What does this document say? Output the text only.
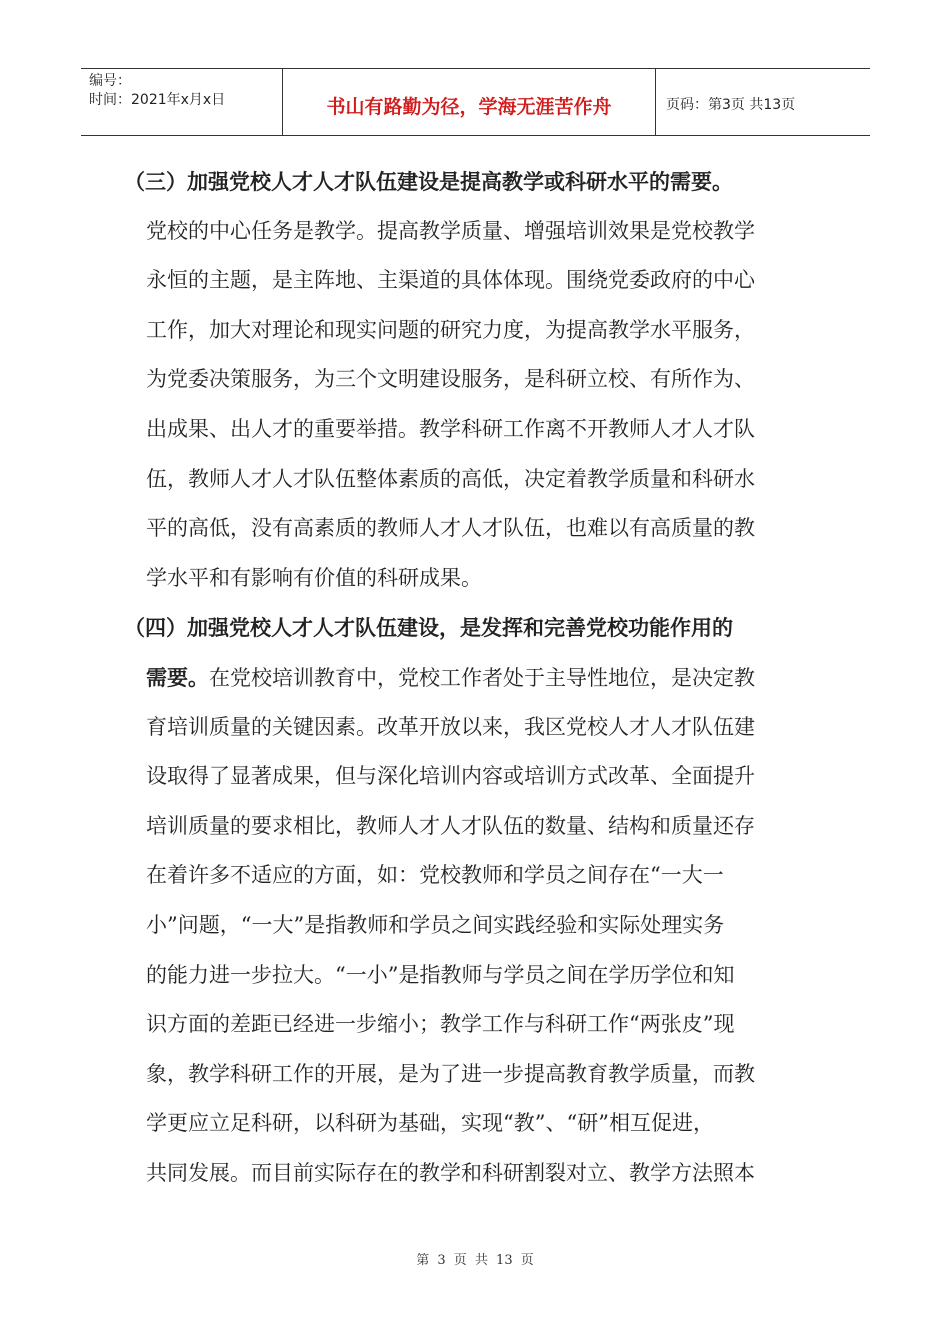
编号：
时间：2021年x月x日	书山有路勤为径，学海无涯苦作舟	页码：第3页 共13页
（三）加强党校人才人才队伍建设是提高教学或科研水平的需要。
党校的中心任务是教学。提高教学质量、增强培训效果是党校教学
永恒的主题，是主阵地、主渠道的具体体现。围绕党委政府的中心
工作，加大对理论和现实问题的研究力度，为提高教学水平服务，
为党委决策服务，为三个文明建设服务，是科研立校、有所作为、
出成果、出人才的重要举措。教学科研工作离不开教师人才人才队
伍，教师人才人才队伍整体素质的高低，决定着教学质量和科研水
平的高低，没有高素质的教师人才人才队伍，也难以有高质量的教
学水平和有影响有价值的科研成果。
（四）加强党校人才人才队伍建设，是发挥和完善党校功能作用的
需要。在党校培训教育中，党校工作者处于主导性地位，是决定教
育培训质量的关键因素。改革开放以来，我区党校人才人才队伍建
设取得了显著成果，但与深化培训内容或培训方式改革、全面提升
培训质量的要求相比，教师人才人才队伍的数量、结构和质量还存
在着许多不适应的方面，如：党校教师和学员之间存在“一大一
小”问题，“一大”是指教师和学员之间实践经验和实际处理实务
的能力进一步拉大。“一小”是指教师与学员之间在学历学位和知
识方面的差距已经进一步缩小；教学工作与科研工作“两张皮”现
象，教学科研工作的开展，是为了进一步提高教育教学质量，而教
学更应立足科研，以科研为基础，实现“教”、“研”相互促进，
共同发展。而目前实际存在的教学和科研割裂对立、教学方法照本
第 3 页 共 13 页
